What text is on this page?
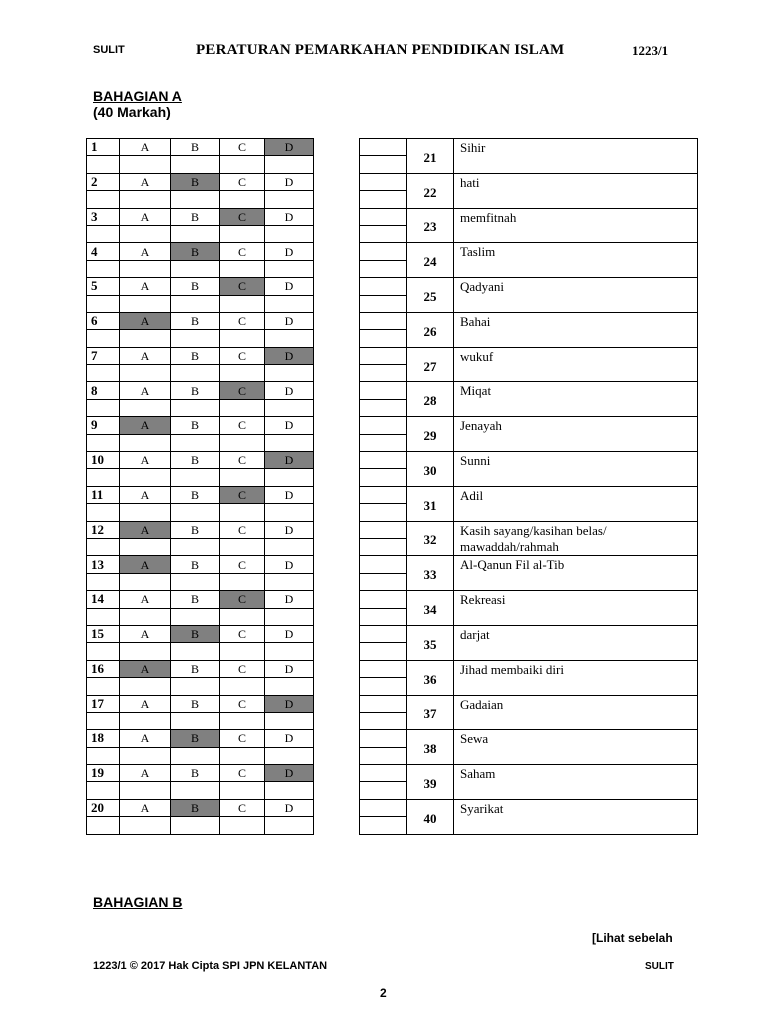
SULIT	PERATURAN PEMARKAHAN PENDIDIKAN ISLAM	1223/1
BAHAGIAN A
(40 Markah)
1	A	B	C	D

2	A	B	C	D

3	A	B	C	D

4	A	B	C	D

5	A	B	C	D

6	A	B	C	D

7	A	B	C	D

8	A	B	C	D

9	A	B	C	D

10	A	B	C	D

11	A	B	C	D

12	A	B	C	D

13	A	B	C	D

14	A	B	C	D

15	A	B	C	D

16	A	B	C	D

17	A	B	C	D

18	A	B	C	D

19	A	B	C	D

20	A	B	C	D

	21	Sihir

	22	hati

	23	memfitnah

	24	Taslim

	25	Qadyani

	26	Bahai

	27	wukuf

	28	Miqat

	29	Jenayah

	30	Sunni

	31	Adil

	32	Kasih sayang/kasihan belas/ mawaddah/rahmah

	33	Al-Qanun Fil al-Tib

	34	Rekreasi

	35	darjat

	36	Jihad membaiki diri

	37	Gadaian

	38	Sewa

	39	Saham

	40	Syarikat

BAHAGIAN B
[Lihat sebelah
1223/1 © 2017 Hak Cipta SPI JPN KELANTAN	SULIT
2
